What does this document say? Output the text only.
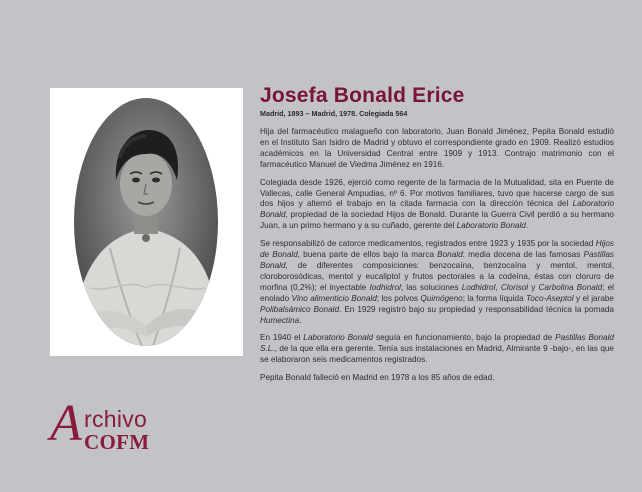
A rchivo
COFM
Josefa Bonald Erice
Madrid, 1893 – Madrid, 1978. Colegiada 564

Hija del farmacéutico malagueño con laboratorio, Juan Bonald Jiménez, Pepita Bonald estudió en el Instituto San Isidro de Madrid y obtuvo el correspondiente grado en 1909. Realizó estudios académicos en la Universidad Central entre 1909 y 1913. Contrajo matrimonio con el farmacéutico Manuel de Viedma Jiménez en 1916.

Colegiada desde 1926, ejerció como regente de la farmacia de la Mutualidad, sita en Puente de Vallecas, calle General Ampudias, nº 6. Por motivos familiares, tuvo que hacerse cargo de sus dos hijos y alternó el trabajo en la citada farmacia con la dirección técnica del Laboratorio Bonald, propiedad de la sociedad Hijos de Bonald. Durante la Guerra Civil perdió a su hermano Juan, a un primo hermano y a su cuñado, gerente del Laboratorio Bonald.

Se responsabilizó de catorce medicamentos, registrados entre 1923 y 1935 por la sociedad Hijos de Bonald, buena parte de ellos bajo la marca Bonald: media docena de las famosas Pastillas Bonald, de diferentes composiciones: benzocaína, benzocaína y mentol, mentol, cloroborosódicas, mentol y eucaliptol y frutos pectorales a la codeína, éstas con cloruro de morfina (0,2%); el inyectable Iodhidrol; las soluciones Lodhidrol, Clorisol y Carbolina Bonald; el enolado Vino alimenticio Bonald; los polvos Quimógeno; la forma líquida Toco-Aseptol y el jarabe Polibalsámico Bonald. En 1929 registró bajo su propiedad y responsabilidad técnica la pomada Humectina.

En 1940 el Laboratorio Bonald seguía en funcionamiento, bajo la propiedad de Pastillas Bonald S.L., de la que ella era gerente. Tenía sus instalaciones en Madrid, Almirante 9 -bajo-, en las que se elaboraron seis medicamentos registrados.

Pepita Bonald falleció en Madrid en 1978 a los 85 años de edad.
